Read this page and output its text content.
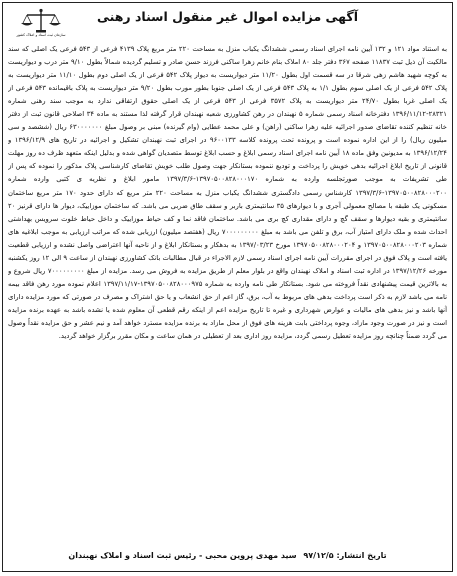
سازمان ثبت اسناد و املاک کشور
آگهی مزایده اموال غیر منقول اسناد رهنی
به استناد مواد ۱۲۱ و ۱۳۲ آیین نامه اجرای اسناد رسمی ششدانگ یکباب منزل به مساحت ۲۲۰ متر مربع پلاک ۴۱۳۹ فرعی از ۵۴۳ فرعی یک اصلی که سند مالکیت آن ذیل ثبت ۱۱۸۳۷ صفحه ۳۶۷ دفتر جلد ۸۰ املاک بنام خانم زهرا ساکنی فرزند حسن صادر و تسلیم گردیده شمالاً بطول ۹/۱۰ متر درب و دیواریست به کوچه شهید هاشم زهی شرقا در سه قسمت اول بطول ۱۱/۲۰ متر دیواریست به دیوار پلاک ۵۴۲ فرعی از یک اصلی دوم بطول ۱۱/۱۰ متر دیواریست به پلاک ۵۴۲ فرعی از یک اصلی سوم بطول ۱/۱ به پلاک ۵۴۳ فرعی از یک اصلی جنوبا بطور مورب بطول ۹/۲۰ متر دیواریست به پلاک باقیمانده ۵۴۳ فرعی از یک اصلی غربا بطول ۲۴/۷۰ متر دیواریست به پلاک ۳۵۷۲ فرعی از ۵۴۳ فرعی از یک اصلی حقوق ارتفاقی ندارد به موجب سند رهنی شماره ۲۸۳۲۱-۱۳۹۶/۱۱/۱۲ دفترخانه اسناد رسمی شماره ۵ نهبندان در رهن کشاورزی شعبه نهبندان قرار گرفته لذا مستند به ماده ۳۴ اصلاحی قانون ثبت از دفتر خانه تنظیم کننده تقاضای صدور اجرائیه علیه زهرا ساکنی (راهن) و علی محمد عطایی (وام گیرنده) مبنی بر وصول مبلغ ۶۳۰۰۰۰۰۰۰ ریال (ششصد و سی میلیون ریال) را از این اداره نموده است و پرونده تحت پرونده کلاسه ۹۶۰۰۱۳۳ در اجرای ثبت نهبندان تشکیل و اجرائیه در تاریخ های ۱۳۹۶/۱۲/۹ و ۱۳۹۶/۱۲/۲۴ به مدیونین وفق ماده ۱۸ آیین نامه اجرای اسناد رسمی ابلاغ و حسب ابلاغ توسط متصدیان گواهی شده و بدلیل اینکه متعهد ظرف ده روز مهلت قانونی از تاریخ ابلاغ اجرائیه بدهی خویش را پرداخت و تودیع ننموده بستانکار جهت وصول طلب خویش تقاضای کارشناسی پلاک مذکور را نموده که پس از طی تشریفات به موجب صورتجلسه وارده به شماره ۱۳۹۷۰۵۰۰۸۲۸۰۰۰۱۷۰-۱۳۹۷/۳/۶ مامور ابلاغ و نظریه ی کتبی وارده شماره ۱۳۹۷۰۵۰۰۸۲۸۰۰۰۲۰۰-۱۳۹۷/۳/۶ کارشناس رسمی دادگستری ششدانگ یکباب منزل به مساحت ۲۲۰ متر مربع که دارای حدود ۱۷۰ متر مربع ساختمان مسکونی یک طبقه با مصالح معمولی آجری و با دیوارهای ۳۵ سانتیمتری باربر و سقف طاق ضربی می باشد. که ساختمان موزاییک، دیوار ها دارای قرنیز ۲۰ سانتیمتری و بقیه دیوارها و سقف گچ و دارای مقداری کچ بری می باشد. ساختمان فاقد نما و کف حیاط موزاییک و داخل حیاط خلوت سرویس بهداشتی احداث شده و ملک دارای امتیاز آب، برق و تلفن می باشد به مبلغ ۷۰۰۰۰۰۰۰۰۰ ریال (هفتصد میلیون) ارزیابی شده که مراتب ارزیابی به موجب ابلاغیه های شماره ۱۳۹۷۰۵۰۰۸۲۸۰۰۰۲۰۳ و ۱۳۹۷۰۵۰۰۸۲۸۰۰۰۲۰۴ مورخ ۱۳۹۷/۰۳/۲۳ به بدهکار و بستانکار ابلاغ و از ناحیه آنها اعتراضی واصل نشده و ارزیابی قطعیت یافته است و پلاک فوق در اجرای مقررات آیین نامه اجرای اسناد رسمی لازم الاجراء در قبال مطالبات بانک کشاورزی نهبندان از ساعت ۹ الی ۱۲ روز یکشنبه مورخه ۱۳۹۷/۱۲/۲۶ در اداره ثبت اسناد و املاک نهبندان واقع در بلوار معلم از طریق مزایده به فروش می رسد. مزایده از مبلغ ۷۰۰۰۰۰۰۰۰۰ ریال شروع و به بالاترین قیمت پیشنهادی نقداً فروخته می شود. بستانکار طی نامه وارده به شماره ۱۳۹۷۰۵۰۰۸۲۸۰۰۰۹۷۵-۱۳۹۷/۱۱/۱۷ اعلام نموده مورد رهن فاقد بیمه نامه می باشد لازم به ذکر است پرداخت بدهی های مربوط به آب، برق، گاز اعم از حق انشعاب و یا حق اشتراک و مصرف در صورتی که مورد مزایده دارای آنها باشد و نیز بدهی های مالیات و عوارض شهرداری و غیره تا تاریخ مزایده اعم از اینکه رقم قطعی آن معلوم شده یا نشده باشد به عهده برنده مزایده است و نیز در صورت وجود مازاد، وجوه پرداختی بابت هزینه های فوق از محل مازاد به برنده مزایده مسترد خواهد آمد و نیم عشر و حق مزایده نقداً وصول می گردد ضمناً چنانچه روز مزایده تعطیل رسمی گردد، مزایده روز اداری بعد از تعطیلی در همان ساعت و مکان مقرر برگزار خواهد گردید.
تاریخ انتشار: ۹۷/۱۲/۵ سید مهدی پروین محبی - رئیس ثبت اسناد و املاک نهبندان
